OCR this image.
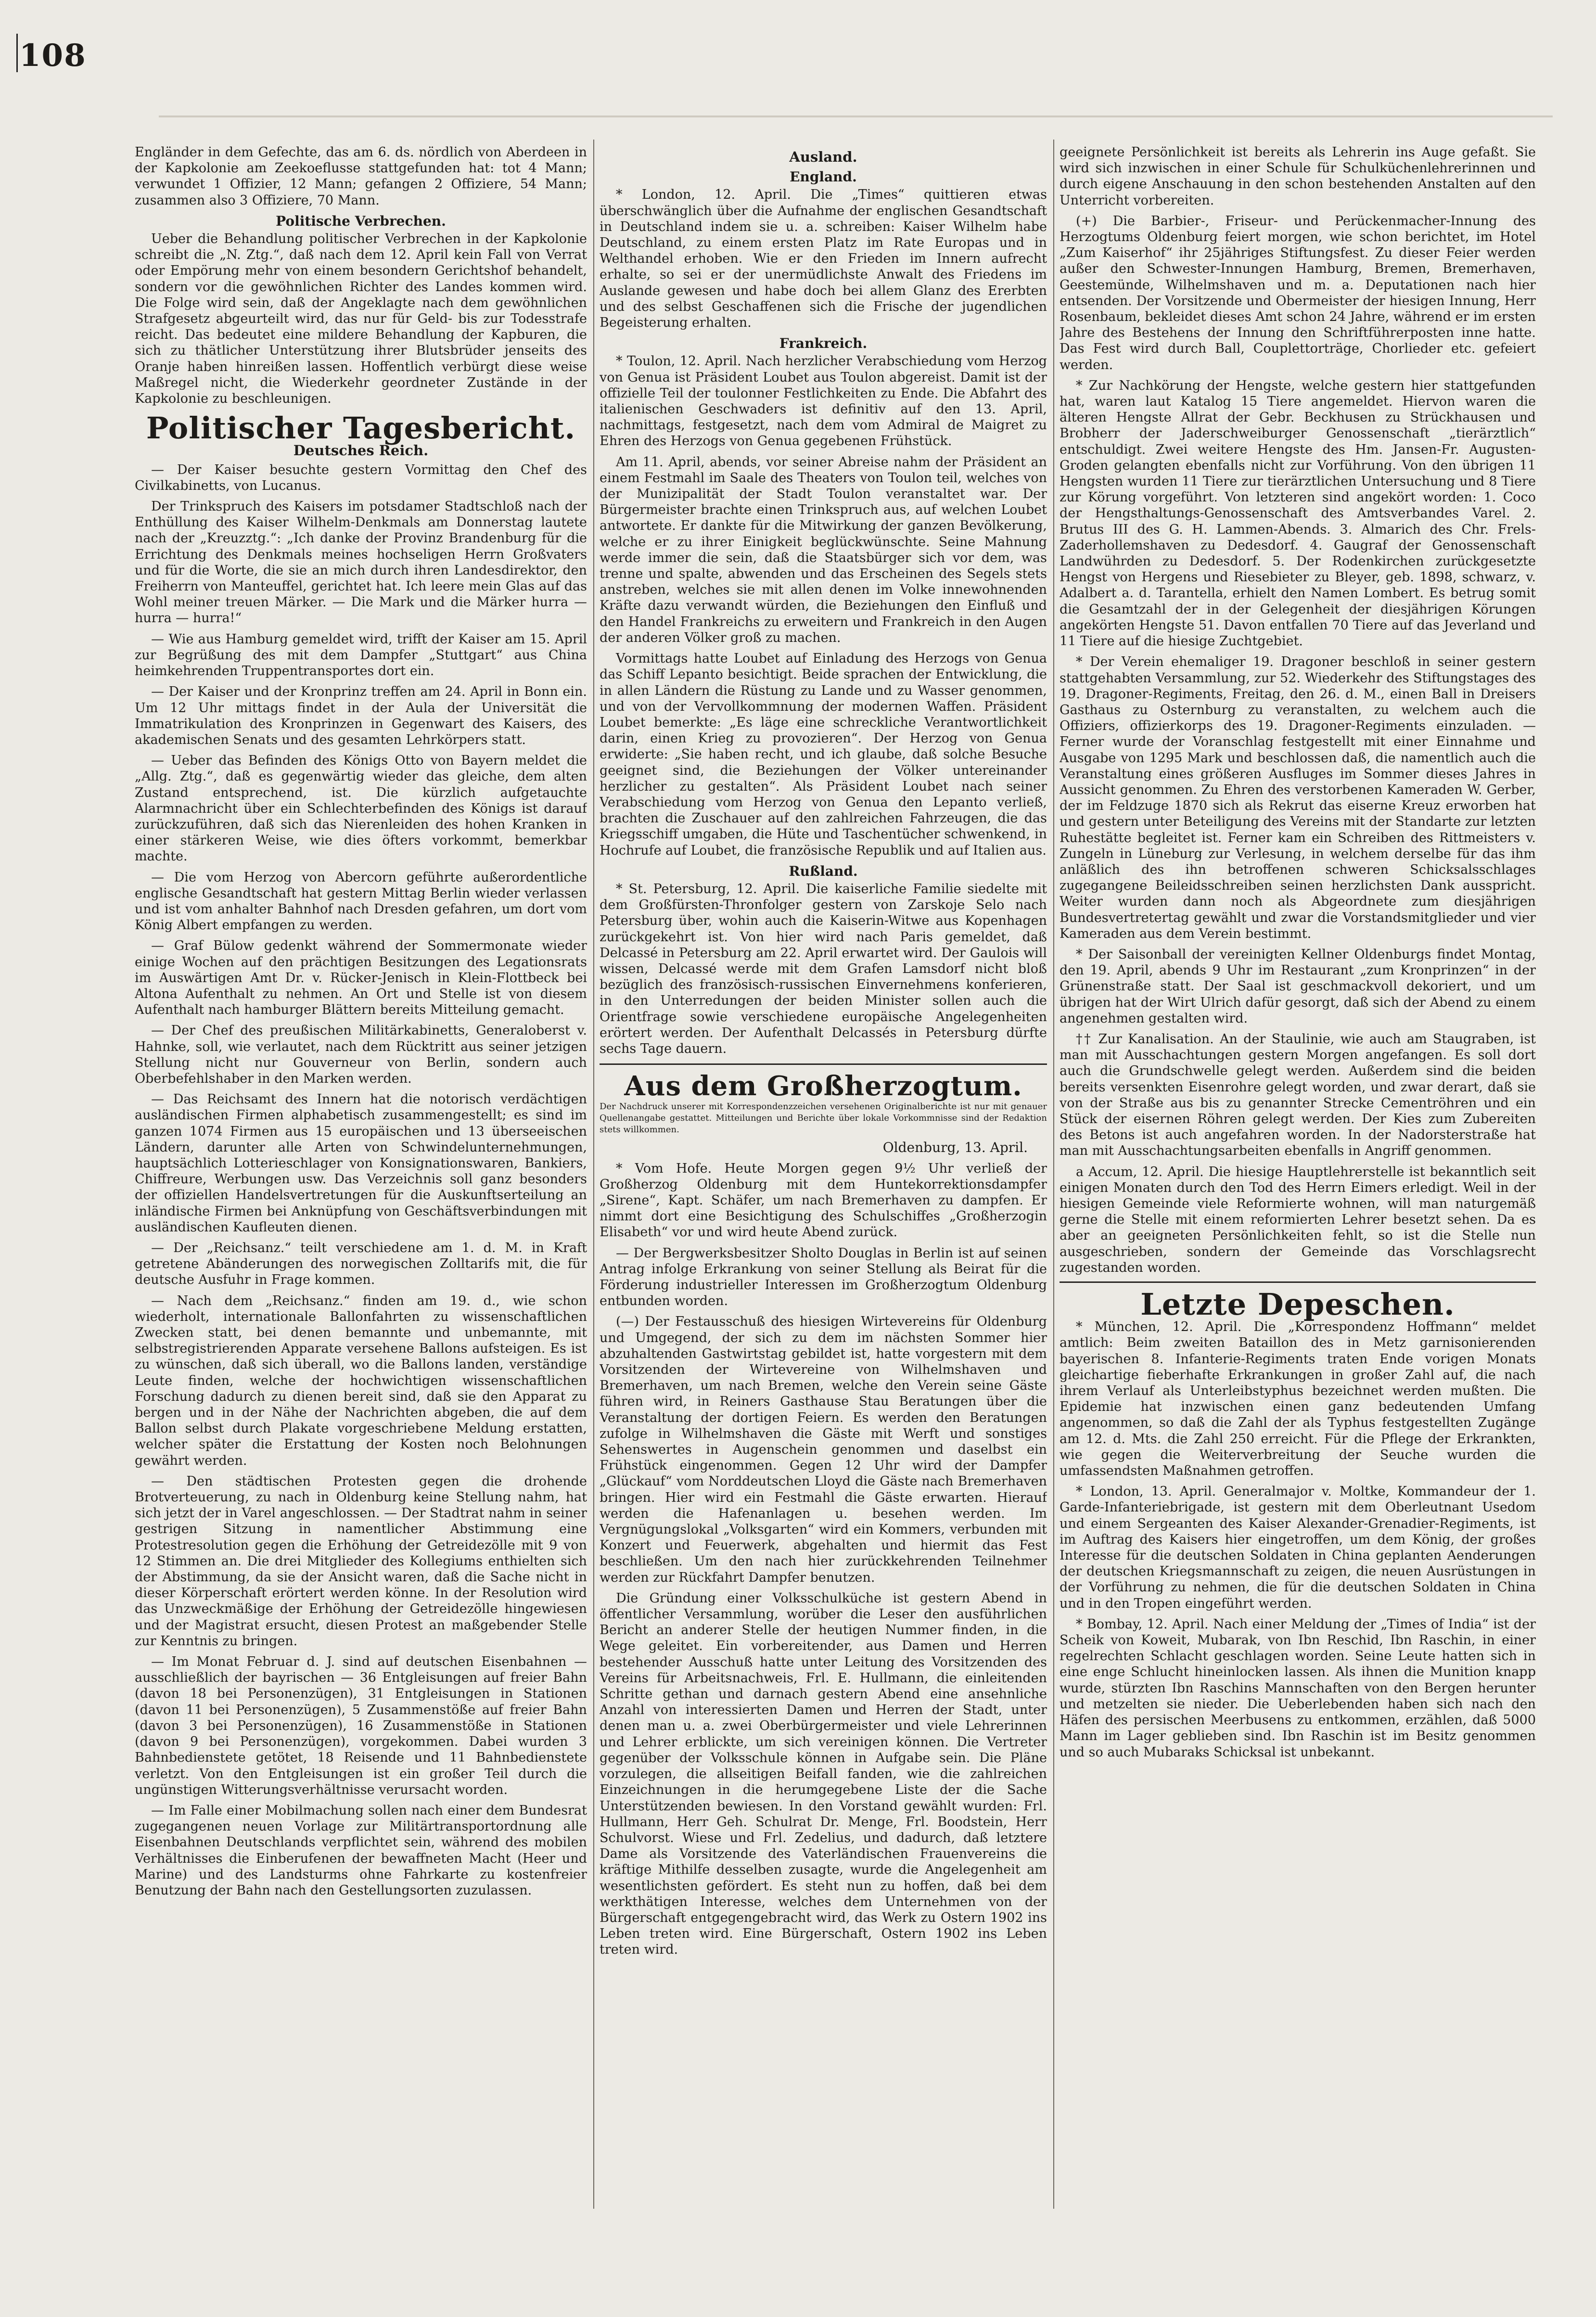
108

Engländer in dem Gefechte, das am 6. ds. nördlich von Aberdeen in der Kapkolonie am Zeekoeflusse stattgefunden hat: tot 4 Mann; verwundet 1 Offizier, 12 Mann; gefangen 2 Offiziere, 54 Mann; zusammen also 3 Offiziere, 70 Mann.

Politische Verbrechen.

Ueber die Behandlung politischer Verbrechen in der Kapkolonie schreibt die „N. Ztg.“, daß nach dem 12. April kein Fall von Verrat oder Empörung mehr von einem besondern Gerichtshof behandelt, sondern vor die gewöhnlichen Richter des Landes kommen wird. Die Folge wird sein, daß der Angeklagte nach dem gewöhnlichen Strafgesetz abgeurteilt wird, das nur für Geld- bis zur Todesstrafe reicht. Das bedeutet eine mildere Behandlung der Kapburen, die sich zu thätlicher Unterstützung ihrer Blutsbrüder jenseits des Oranje haben hinreißen lassen. Hoffentlich verbürgt diese weise Maßregel nicht, die Wiederkehr geordneter Zustände in der Kapkolonie zu beschleunigen.

Politischer Tagesbericht.
Deutsches Reich.

— Der Kaiser besuchte gestern Vormittag den Chef des Civilkabinetts, von Lucanus.

Der Trinkspruch des Kaisers im potsdamer Stadtschloß nach der Enthüllung des Kaiser Wilhelm-Denkmals am Donnerstag lautete nach der „Kreuzztg.“: „Ich danke der Provinz Brandenburg für die Errichtung des Denkmals meines hochseligen Herrn Großvaters und für die Worte, die sie an mich durch ihren Landesdirektor, den Freiherrn von Manteuffel, gerichtet hat. Ich leere mein Glas auf das Wohl meiner treuen Märker. — Die Mark und die Märker hurra — hurra — hurra!“

— Wie aus Hamburg gemeldet wird, trifft der Kaiser am 15. April zur Begrüßung des mit dem Dampfer „Stuttgart“ aus China heimkehrenden Truppentransportes dort ein.

— Der Kaiser und der Kronprinz treffen am 24. April in Bonn ein. Um 12 Uhr mittags findet in der Aula der Universität die Immatrikulation des Kronprinzen in Gegenwart des Kaisers, des akademischen Senats und des gesamten Lehrkörpers statt.

— Ueber das Befinden des Königs Otto von Bayern meldet die „Allg. Ztg.“, daß es gegenwärtig wieder das gleiche, dem alten Zustand entsprechend, ist. Die kürzlich aufgetauchte Alarmnachricht über ein Schlechterbefinden des Königs ist darauf zurückzuführen, daß sich das Nierenleiden des hohen Kranken in einer stärkeren Weise, wie dies öfters vorkommt, bemerkbar machte.

— Die vom Herzog von Abercorn geführte außerordentliche englische Gesandtschaft hat gestern Mittag Berlin wieder verlassen und ist vom anhalter Bahnhof nach Dresden gefahren, um dort vom König Albert empfangen zu werden.

— Graf Bülow gedenkt während der Sommermonate wieder einige Wochen auf den prächtigen Besitzungen des Legationsrats im Auswärtigen Amt Dr. v. Rücker-Jenisch in Klein-Flottbeck bei Altona Aufenthalt zu nehmen. An Ort und Stelle ist von diesem Aufenthalt nach hamburger Blättern bereits Mitteilung gemacht.

— Der Chef des preußischen Militärkabinetts, Generaloberst v. Hahnke, soll, wie verlautet, nach dem Rücktritt aus seiner jetzigen Stellung nicht nur Gouverneur von Berlin, sondern auch Oberbefehlshaber in den Marken werden.

— Das Reichsamt des Innern hat die notorisch verdächtigen ausländischen Firmen alphabetisch zusammengestellt; es sind im ganzen 1074 Firmen aus 15 europäischen und 13 überseeischen Ländern, darunter alle Arten von Schwindelunternehmungen, hauptsächlich Lotterieschlager von Konsignationswaren, Bankiers, Chiffreure, Werbungen usw. Das Verzeichnis soll ganz besonders der offiziellen Handelsvertretungen für die Auskunftserteilung an inländische Firmen bei Anknüpfung von Geschäftsverbindungen mit ausländischen Kaufleuten dienen.

— Der „Reichsanz.“ teilt verschiedene am 1. d. M. in Kraft getretene Abänderungen des norwegischen Zolltarifs mit, die für deutsche Ausfuhr in Frage kommen.

— Nach dem „Reichsanz.“ finden am 19. d., wie schon wiederholt, internationale Ballonfahrten zu wissenschaftlichen Zwecken statt, bei denen bemannte und unbemannte, mit selbstregistrierenden Apparate versehene Ballons aufsteigen. Es ist zu wünschen, daß sich überall, wo die Ballons landen, verständige Leute finden, welche der hochwichtigen wissenschaftlichen Forschung dadurch zu dienen bereit sind, daß sie den Apparat zu bergen und in der Nähe der Nachrichten abgeben, die auf dem Ballon selbst durch Plakate vorgeschriebene Meldung erstatten, welcher später die Erstattung der Kosten noch Belohnungen gewährt werden.

— Den städtischen Protesten gegen die drohende Brotverteuerung, zu nach in Oldenburg keine Stellung nahm, hat sich jetzt der in Varel angeschlossen. — Der Stadtrat nahm in seiner gestrigen Sitzung in namentlicher Abstimmung eine Protestresolution gegen die Erhöhung der Getreidezölle mit 9 von 12 Stimmen an. Die drei Mitglieder des Kollegiums enthielten sich der Abstimmung, da sie der Ansicht waren, daß die Sache nicht in dieser Körperschaft erörtert werden könne. In der Resolution wird das Unzweckmäßige der Erhöhung der Getreidezölle hingewiesen und der Magistrat ersucht, diesen Protest an maßgebender Stelle zur Kenntnis zu bringen.

— Im Monat Februar d. J. sind auf deutschen Eisenbahnen — ausschließlich der bayrischen — 36 Entgleisungen auf freier Bahn (davon 18 bei Personenzügen), 31 Entgleisungen in Stationen (davon 11 bei Personenzügen), 5 Zusammenstöße auf freier Bahn (davon 3 bei Personenzügen), 16 Zusammenstöße in Stationen (davon 9 bei Personenzügen), vorgekommen. Dabei wurden 3 Bahnbedienstete getötet, 18 Reisende und 11 Bahnbedienstete verletzt. Von den Entgleisungen ist ein großer Teil durch die ungünstigen Witterungsverhältnisse verursacht worden.

— Im Falle einer Mobilmachung sollen nach einer dem Bundesrat zugegangenen neuen Vorlage zur Militärtransportordnung alle Eisenbahnen Deutschlands verpflichtet sein, während des mobilen Verhältnisses die Einberufenen der bewaffneten Macht (Heer und Marine) und des Landsturms ohne Fahrkarte zu kostenfreier Benutzung der Bahn nach den Gestellungsorten zuzulassen.

Ausland.
England.

* London, 12. April. Die „Times“ quittieren etwas überschwänglich über die Aufnahme der englischen Gesandtschaft in Deutschland indem sie u. a. schreiben: Kaiser Wilhelm habe Deutschland, zu einem ersten Platz im Rate Europas und in Welthandel erhoben. Wie er den Frieden im Innern aufrecht erhalte, so sei er der unermüdlichste Anwalt des Friedens im Auslande gewesen und habe doch bei allem Glanz des Ererbten und des selbst Geschaffenen sich die Frische der jugendlichen Begeisterung erhalten.

Frankreich.

* Toulon, 12. April. Nach herzlicher Verabschiedung vom Herzog von Genua ist Präsident Loubet aus Toulon abgereist. Damit ist der offizielle Teil der toulonner Festlichkeiten zu Ende. Die Abfahrt des italienischen Geschwaders ist definitiv auf den 13. April, nachmittags, festgesetzt, nach dem vom Admiral de Maigret zu Ehren des Herzogs von Genua gegebenen Frühstück.

Am 11. April, abends, vor seiner Abreise nahm der Präsident an einem Festmahl im Saale des Theaters von Toulon teil, welches von der Munizipalität der Stadt Toulon veranstaltet war. Der Bürgermeister brachte einen Trinkspruch aus, auf welchen Loubet antwortete. Er dankte für die Mitwirkung der ganzen Bevölkerung, welche er zu ihrer Einigkeit beglückwünschte. Seine Mahnung werde immer die sein, daß die Staatsbürger sich vor dem, was trenne und spalte, abwenden und das Erscheinen des Segels stets anstreben, welches sie mit allen denen im Volke innewohnenden Kräfte dazu verwandt würden, die Beziehungen den Einfluß und den Handel Frankreichs zu erweitern und Frankreich in den Augen der anderen Völker groß zu machen.

Vormittags hatte Loubet auf Einladung des Herzogs von Genua das Schiff Lepanto besichtigt. Beide sprachen der Entwicklung, die in allen Ländern die Rüstung zu Lande und zu Wasser genommen, und von der Vervollkommnung der modernen Waffen. Präsident Loubet bemerkte: „Es läge eine schreckliche Verantwortlichkeit darin, einen Krieg zu provozieren“. Der Herzog von Genua erwiderte: „Sie haben recht, und ich glaube, daß solche Besuche geeignet sind, die Beziehungen der Völker untereinander herzlicher zu gestalten“. Als Präsident Loubet nach seiner Verabschiedung vom Herzog von Genua den Lepanto verließ, brachten die Zuschauer auf den zahlreichen Fahrzeugen, die das Kriegsschiff umgaben, die Hüte und Taschentücher schwenkend, in Hochrufe auf Loubet, die französische Republik und auf Italien aus.

Rußland.

* St. Petersburg, 12. April. Die kaiserliche Familie siedelte mit dem Großfürsten-Thronfolger gestern von Zarskoje Selo nach Petersburg über, wohin auch die Kaiserin-Witwe aus Kopenhagen zurückgekehrt ist. Von hier wird nach Paris gemeldet, daß Delcassé in Petersburg am 22. April erwartet wird. Der Gaulois will wissen, Delcassé werde mit dem Grafen Lamsdorf nicht bloß bezüglich des französisch-russischen Einvernehmens konferieren, in den Unterredungen der beiden Minister sollen auch die Orientfrage sowie verschiedene europäische Angelegenheiten erörtert werden. Der Aufenthalt Delcassés in Petersburg dürfte sechs Tage dauern.

Aus dem Großherzogtum.

Der Nachdruck unserer mit Korrespondenzzeichen versehenen Originalberichte ist nur mit genauer Quellenangabe gestattet. Mitteilungen und Berichte über lokale Vorkommnisse sind der Redaktion stets willkommen.

Oldenburg, 13. April.

* Vom Hofe. Heute Morgen gegen 9½ Uhr verließ der Großherzog Oldenburg mit dem Huntekorrektionsdampfer „Sirene“, Kapt. Schäfer, um nach Bremerhaven zu dampfen. Er nimmt dort eine Besichtigung des Schulschiffes „Großherzogin Elisabeth“ vor und wird heute Abend zurück.

— Der Bergwerksbesitzer Sholto Douglas in Berlin ist auf seinen Antrag infolge Erkrankung von seiner Stellung als Beirat für die Förderung industrieller Interessen im Großherzogtum Oldenburg entbunden worden.

(—) Der Festausschuß des hiesigen Wirtevereins für Oldenburg und Umgegend, der sich zu dem im nächsten Sommer hier abzuhaltenden Gastwirtstag gebildet ist, hatte vorgestern mit dem Vorsitzenden der Wirtevereine von Wilhelmshaven und Bremerhaven, um nach Bremen, welche den Verein seine Gäste führen wird, in Reiners Gasthause Stau Beratungen über die Veranstaltung der dortigen Feiern. Es werden den Beratungen zufolge in Wilhelmshaven die Gäste mit Werft und sonstiges Sehenswertes in Augenschein genommen und daselbst ein Frühstück eingenommen. Gegen 12 Uhr wird der Dampfer „Glückauf“ vom Norddeutschen Lloyd die Gäste nach Bremerhaven bringen. Hier wird ein Festmahl die Gäste erwarten. Hierauf werden die Hafenanlagen u. besehen werden. Im Vergnügungslokal „Volksgarten“ wird ein Kommers, verbunden mit Konzert und Feuerwerk, abgehalten und hiermit das Fest beschließen. Um den nach hier zurückkehrenden Teilnehmer werden zur Rückfahrt Dampfer benutzen.

Die Gründung einer Volksschulküche ist gestern Abend in öffentlicher Versammlung, worüber die Leser den ausführlichen Bericht an anderer Stelle der heutigen Nummer finden, in die Wege geleitet. Ein vorbereitender, aus Damen und Herren bestehender Ausschuß hatte unter Leitung des Vorsitzenden des Vereins für Arbeitsnachweis, Frl. E. Hullmann, die einleitenden Schritte gethan und darnach gestern Abend eine ansehnliche Anzahl von interessierten Damen und Herren der Stadt, unter denen man u. a. zwei Oberbürgermeister und viele Lehrerinnen und Lehrer erblickte, um sich vereinigen können. Die Vertreter gegenüber der Volksschule können in Aufgabe sein. Die Pläne vorzulegen, die allseitigen Beifall fanden, wie die zahlreichen Einzeichnungen in die herumgegebene Liste der die Sache Unterstützenden bewiesen. In den Vorstand gewählt wurden: Frl. Hullmann, Herr Geh. Schulrat Dr. Menge, Frl. Boodstein, Herr Schulvorst. Wiese und Frl. Zedelius, und dadurch, daß letztere Dame als Vorsitzende des Vaterländischen Frauenvereins die kräftige Mithilfe desselben zusagte, wurde die Angelegenheit am wesentlichsten gefördert. Es steht nun zu hoffen, daß bei dem werkthätigen Interesse, welches dem Unternehmen von der Bürgerschaft entgegengebracht wird, das Werk zu Ostern 1902 ins Leben treten wird. Eine Bürgerschaft, Ostern 1902 ins Leben treten wird.

geeignete Persönlichkeit ist bereits als Lehrerin ins Auge gefaßt. Sie wird sich inzwischen in einer Schule für Schulküchenlehrerinnen und durch eigene Anschauung in den schon bestehenden Anstalten auf den Unterricht vorbereiten.

(+) Die Barbier-, Friseur- und Perückenmacher-Innung des Herzogtums Oldenburg feiert morgen, wie schon berichtet, im Hotel „Zum Kaiserhof“ ihr 25jähriges Stiftungsfest. Zu dieser Feier werden außer den Schwester-Innungen Hamburg, Bremen, Bremerhaven, Geestemünde, Wilhelmshaven und m. a. Deputationen nach hier entsenden. Der Vorsitzende und Obermeister der hiesigen Innung, Herr Rosenbaum, bekleidet dieses Amt schon 24 Jahre, während er im ersten Jahre des Bestehens der Innung den Schriftführerposten inne hatte. Das Fest wird durch Ball, Couplettorträge, Chorlieder etc. gefeiert werden.

* Zur Nachkörung der Hengste, welche gestern hier stattgefunden hat, waren laut Katalog 15 Tiere angemeldet. Hiervon waren die älteren Hengste Allrat der Gebr. Beckhusen zu Strückhausen und Brobherr der Jaderschweiburger Genossenschaft „tierärztlich“ entschuldigt. Zwei weitere Hengste des Hm. Jansen-Fr. Augusten-Groden gelangten ebenfalls nicht zur Vorführung. Von den übrigen 11 Hengsten wurden 11 Tiere zur tierärztlichen Untersuchung und 8 Tiere zur Körung vorgeführt. Von letzteren sind angekört worden: 1. Coco der Hengsthaltungs-Genossenschaft des Amtsverbandes Varel. 2. Brutus III des G. H. Lammen-Abends. 3. Almarich des Chr. Frels-Zaderhollemshaven zu Dedesdorf. 4. Gaugraf der Genossenschaft Landwührden zu Dedesdorf. 5. Der Rodenkirchen zurückgesetzte Hengst von Hergens und Riesebieter zu Bleyer, geb. 1898, schwarz, v. Adalbert a. d. Tarantella, erhielt den Namen Lombert. Es betrug somit die Gesamtzahl der in der Gelegenheit der diesjährigen Körungen angekörten Hengste 51. Davon entfallen 70 Tiere auf das Jeverland und 11 Tiere auf die hiesige Zuchtgebiet.

* Der Verein ehemaliger 19. Dragoner beschloß in seiner gestern stattgehabten Versammlung, zur 52. Wiederkehr des Stiftungstages des 19. Dragoner-Regiments, Freitag, den 26. d. M., einen Ball in Dreisers Gasthaus zu Osternburg zu veranstalten, zu welchem auch die Offiziers, offizierkorps des 19. Dragoner-Regiments einzuladen. — Ferner wurde der Voranschlag festgestellt mit einer Einnahme und Ausgabe von 1295 Mark und beschlossen daß, die namentlich auch die Veranstaltung eines größeren Ausfluges im Sommer dieses Jahres in Aussicht genommen. Zu Ehren des verstorbenen Kameraden W. Gerber, der im Feldzuge 1870 sich als Rekrut das eiserne Kreuz erworben hat und gestern unter Beteiligung des Vereins mit der Standarte zur letzten Ruhestätte begleitet ist. Ferner kam ein Schreiben des Rittmeisters v. Zungeln in Lüneburg zur Verlesung, in welchem derselbe für das ihm anläßlich des ihn betroffenen schweren Schicksalsschlages zugegangene Beileidsschreiben seinen herzlichsten Dank ausspricht. Weiter wurden dann noch als Abgeordnete zum diesjährigen Bundesvertretertag gewählt und zwar die Vorstandsmitglieder und vier Kameraden aus dem Verein bestimmt.

* Der Saisonball der vereinigten Kellner Oldenburgs findet Montag, den 19. April, abends 9 Uhr im Restaurant „zum Kronprinzen“ in der Grünenstraße statt. Der Saal ist geschmackvoll dekoriert, und um übrigen hat der Wirt Ulrich dafür gesorgt, daß sich der Abend zu einem angenehmen gestalten wird.

†† Zur Kanalisation. An der Staulinie, wie auch am Staugraben, ist man mit Ausschachtungen gestern Morgen angefangen. Es soll dort auch die Grundschwelle gelegt werden. Außerdem sind die beiden bereits versenkten Eisenrohre gelegt worden, und zwar derart, daß sie von der Straße aus bis zu genannter Strecke Cementröhren und ein Stück der eisernen Röhren gelegt werden. Der Kies zum Zubereiten des Betons ist auch angefahren worden. In der Nadorsterstraße hat man mit Ausschachtungsarbeiten ebenfalls in Angriff genommen.

a Accum, 12. April. Die hiesige Hauptlehrerstelle ist bekanntlich seit einigen Monaten durch den Tod des Herrn Eimers erledigt. Weil in der hiesigen Gemeinde viele Reformierte wohnen, will man naturgemäß gerne die Stelle mit einem reformierten Lehrer besetzt sehen. Da es aber an geeigneten Persönlichkeiten fehlt, so ist die Stelle nun ausgeschrieben, sondern der Gemeinde das Vorschlagsrecht zugestanden worden.

Letzte Depeschen.

* München, 12. April. Die „Korrespondenz Hoffmann“ meldet amtlich: Beim zweiten Bataillon des in Metz garnisonierenden bayerischen 8. Infanterie-Regiments traten Ende vorigen Monats gleichartige fieberhafte Erkrankungen in großer Zahl auf, die nach ihrem Verlauf als Unterleibstyphus bezeichnet werden mußten. Die Epidemie hat inzwischen einen ganz bedeutenden Umfang angenommen, so daß die Zahl der als Typhus festgestellten Zugänge am 12. d. Mts. die Zahl 250 erreicht. Für die Pflege der Erkrankten, wie gegen die Weiterverbreitung der Seuche wurden die umfassendsten Maßnahmen getroffen.

* London, 13. April. Generalmajor v. Moltke, Kommandeur der 1. Garde-Infanteriebrigade, ist gestern mit dem Oberleutnant Usedom und einem Sergeanten des Kaiser Alexander-Grenadier-Regiments, ist im Auftrag des Kaisers hier eingetroffen, um dem König, der großes Interesse für die deutschen Soldaten in China geplanten Aenderungen der deutschen Kriegsmannschaft zu zeigen, die neuen Ausrüstungen in der Vorführung zu nehmen, die für die deutschen Soldaten in China und in den Tropen eingeführt werden.

* Bombay, 12. April. Nach einer Meldung der „Times of India“ ist der Scheik von Koweit, Mubarak, von Ibn Reschid, Ibn Raschin, in einer regelrechten Schlacht geschlagen worden. Seine Leute hatten sich in eine enge Schlucht hineinlocken lassen. Als ihnen die Munition knapp wurde, stürzten Ibn Raschins Mannschaften von den Bergen herunter und metzelten sie nieder. Die Ueberlebenden haben sich nach den Häfen des persischen Meerbusens zu entkommen, erzählen, daß 5000 Mann im Lager geblieben sind. Ibn Raschin ist im Besitz genommen und so auch Mubaraks Schicksal ist unbekannt.
